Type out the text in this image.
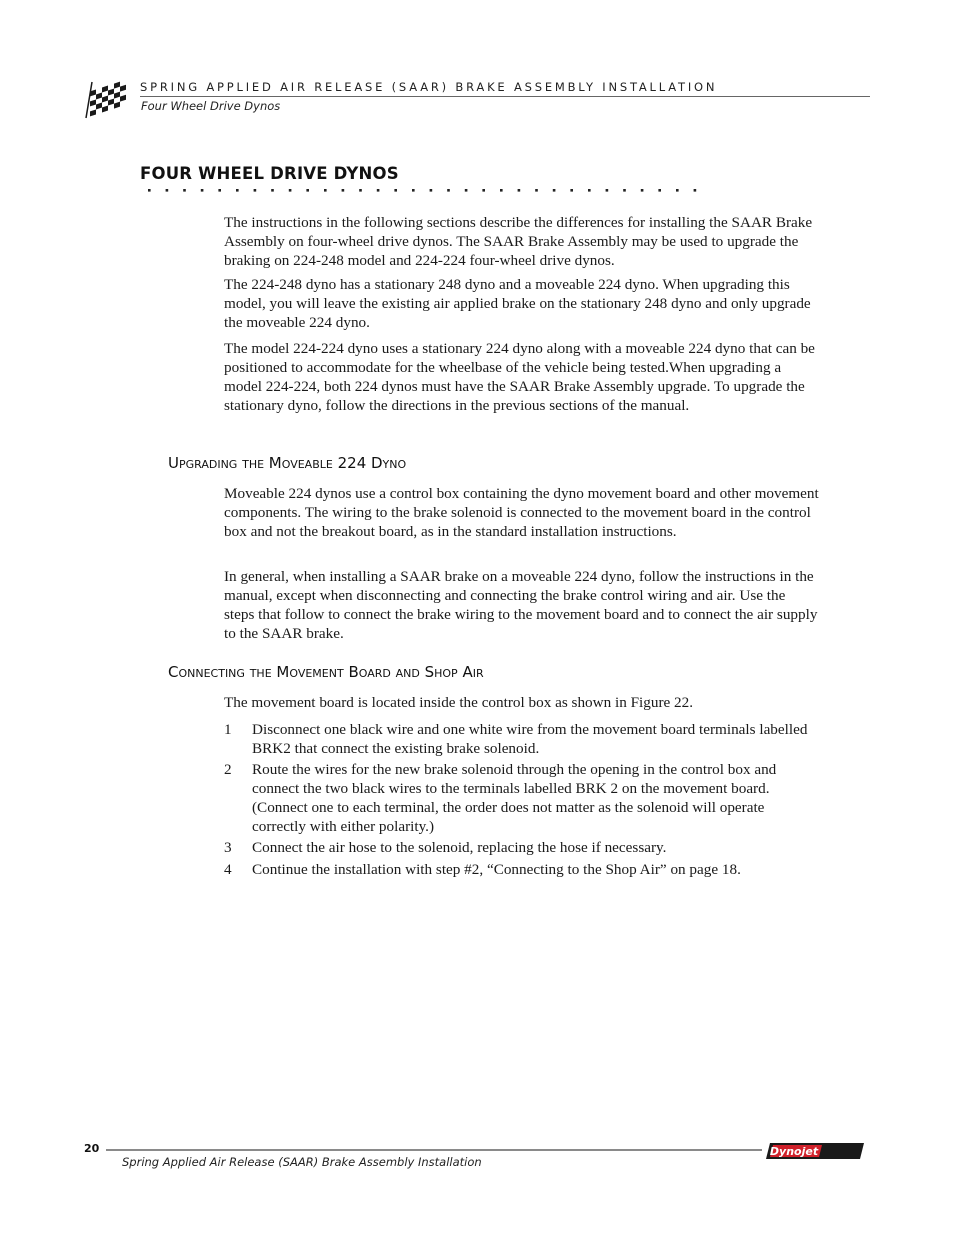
SPRING APPLIED AIR RELEASE (SAAR) BRAKE ASSEMBLY INSTALLATION
Four Wheel Drive Dynos
FOUR WHEEL DRIVE DYNOS
The instructions in the following sections describe the differences for installing the SAAR Brake Assembly on four-wheel drive dynos. The SAAR Brake Assembly may be used to upgrade the braking on 224-248 model and 224-224 four-wheel drive dynos.
The 224-248 dyno has a stationary 248 dyno and a moveable 224 dyno. When upgrading this model, you will leave the existing air applied brake on the stationary 248 dyno and only upgrade the moveable 224 dyno.
The model 224-224 dyno uses a stationary 224 dyno along with a moveable 224 dyno that can be positioned to accommodate for the wheelbase of the vehicle being tested.When upgrading a model 224-224, both 224 dynos must have the SAAR Brake Assembly upgrade. To upgrade the stationary dyno, follow the directions in the previous sections of the manual.
Upgrading the Moveable 224 Dyno
Moveable 224 dynos use a control box containing the dyno movement board and other movement components. The wiring to the brake solenoid is connected to the movement board in the control box and not the breakout board, as in the standard installation instructions.
In general, when installing a SAAR brake on a moveable 224 dyno, follow the instructions in the manual, except when disconnecting and connecting the brake control wiring and air. Use the steps that follow to connect the brake wiring to the movement board and to connect the air supply to the SAAR brake.
Connecting the Movement Board and Shop Air
The movement board is located inside the control box as shown in Figure 22.
1	Disconnect one black wire and one white wire from the movement board terminals labelled BRK2 that connect the existing brake solenoid.
2	Route the wires for the new brake solenoid through the opening in the control box and connect the two black wires to the terminals labelled BRK 2 on the movement board. (Connect one to each terminal, the order does not matter as the solenoid will operate correctly with either polarity.)
3	Connect the air hose to the solenoid, replacing the hose if necessary.
4	Continue the installation with step #2, “Connecting to the Shop Air” on page 18.
20
Spring Applied Air Release (SAAR) Brake Assembly Installation
Dynojet
